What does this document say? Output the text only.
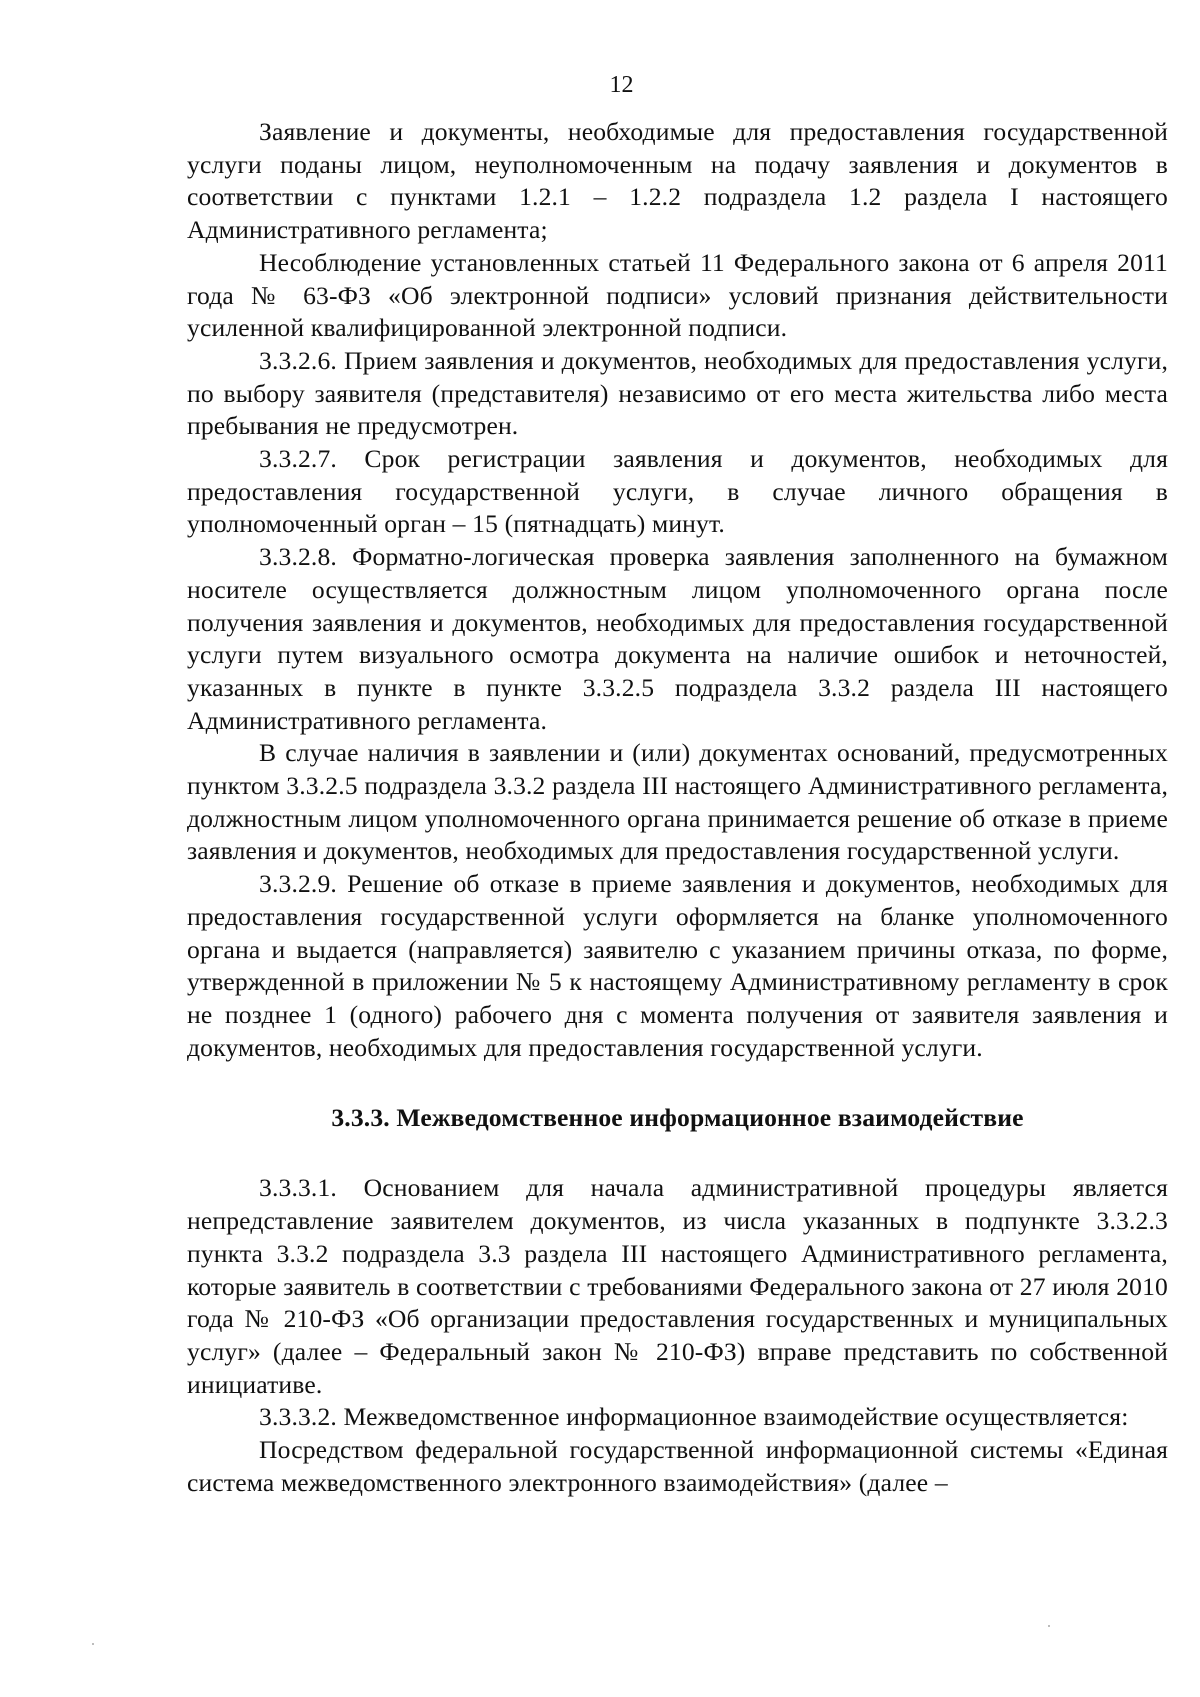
12

Заявление и документы, необходимые для предоставления государственной услуги поданы лицом, неуполномоченным на подачу заявления и документов в соответствии с пунктами 1.2.1 – 1.2.2 подраздела 1.2 раздела I настоящего Административного регламента;

Несоблюдение установленных статьей 11 Федерального закона от 6 апреля 2011 года № 63-ФЗ «Об электронной подписи» условий признания действительности усиленной квалифицированной электронной подписи.

3.3.2.6. Прием заявления и документов, необходимых для предоставления услуги, по выбору заявителя (представителя) независимо от его места жительства либо места пребывания не предусмотрен.

3.3.2.7. Срок регистрации заявления и документов, необходимых для предоставления государственной услуги, в случае личного обращения в уполномоченный орган – 15 (пятнадцать) минут.

3.3.2.8. Форматно-логическая проверка заявления заполненного на бумажном носителе осуществляется должностным лицом уполномоченного органа после получения заявления и документов, необходимых для предоставления государственной услуги путем визуального осмотра документа на наличие ошибок и неточностей, указанных в пункте в пункте 3.3.2.5 подраздела 3.3.2 раздела III настоящего Административного регламента.

В случае наличия в заявлении и (или) документах оснований, предусмотренных пунктом 3.3.2.5 подраздела 3.3.2 раздела III настоящего Административного регламента, должностным лицом уполномоченного органа принимается решение об отказе в приеме заявления и документов, необходимых для предоставления государственной услуги.

3.3.2.9. Решение об отказе в приеме заявления и документов, необходимых для предоставления государственной услуги оформляется на бланке уполномоченного органа и выдается (направляется) заявителю с указанием причины отказа, по форме, утвержденной в приложении № 5 к настоящему Административному регламенту в срок не позднее 1 (одного) рабочего дня с момента получения от заявителя заявления и документов, необходимых для предоставления государственной услуги.

3.3.3. Межведомственное информационное взаимодействие

3.3.3.1. Основанием для начала административной процедуры является непредставление заявителем документов, из числа указанных в подпункте 3.3.2.3 пункта 3.3.2 подраздела 3.3 раздела III настоящего Административного регламента, которые заявитель в соответствии с требованиями Федерального закона от 27 июля 2010 года № 210-ФЗ «Об организации предоставления государственных и муниципальных услуг» (далее – Федеральный закон № 210-ФЗ) вправе представить по собственной инициативе.

3.3.3.2. Межведомственное информационное взаимодействие осуществляется:

Посредством федеральной государственной информационной системы «Единая система межведомственного электронного взаимодействия» (далее –
